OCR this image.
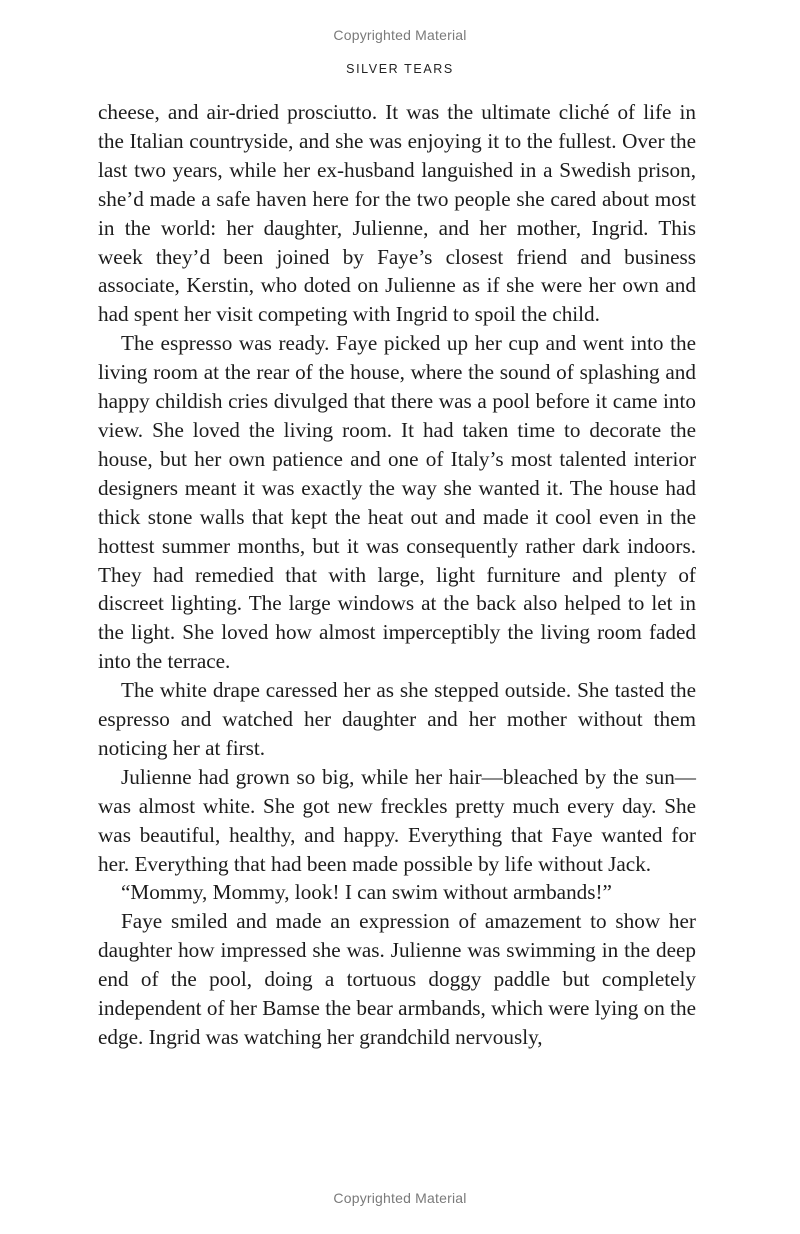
Copyrighted Material
SILVER TEARS

cheese, and air-dried prosciutto. It was the ultimate cliché of life in the Italian countryside, and she was enjoying it to the fullest. Over the last two years, while her ex-husband languished in a Swedish prison, she’d made a safe haven here for the two people she cared about most in the world: her daughter, Julienne, and her mother, Ingrid. This week they’d been joined by Faye’s closest friend and business associate, Kerstin, who doted on Julienne as if she were her own and had spent her visit competing with Ingrid to spoil the child.

The espresso was ready. Faye picked up her cup and went into the living room at the rear of the house, where the sound of splashing and happy childish cries divulged that there was a pool before it came into view. She loved the living room. It had taken time to decorate the house, but her own patience and one of Italy’s most talented interior designers meant it was exactly the way she wanted it. The house had thick stone walls that kept the heat out and made it cool even in the hottest summer months, but it was consequently rather dark indoors. They had remedied that with large, light furniture and plenty of discreet lighting. The large windows at the back also helped to let in the light. She loved how almost imperceptibly the living room faded into the terrace.

The white drape caressed her as she stepped outside. She tasted the espresso and watched her daughter and her mother without them noticing her at first.

Julienne had grown so big, while her hair—bleached by the sun—was almost white. She got new freckles pretty much every day. She was beautiful, healthy, and happy. Everything that Faye wanted for her. Everything that had been made possible by life without Jack.

“Mommy, Mommy, look! I can swim without armbands!”

Faye smiled and made an expression of amazement to show her daughter how impressed she was. Julienne was swimming in the deep end of the pool, doing a tortuous doggy paddle but completely independent of her Bamse the bear armbands, which were lying on the edge. Ingrid was watching her grandchild nervously,

Copyrighted Material
